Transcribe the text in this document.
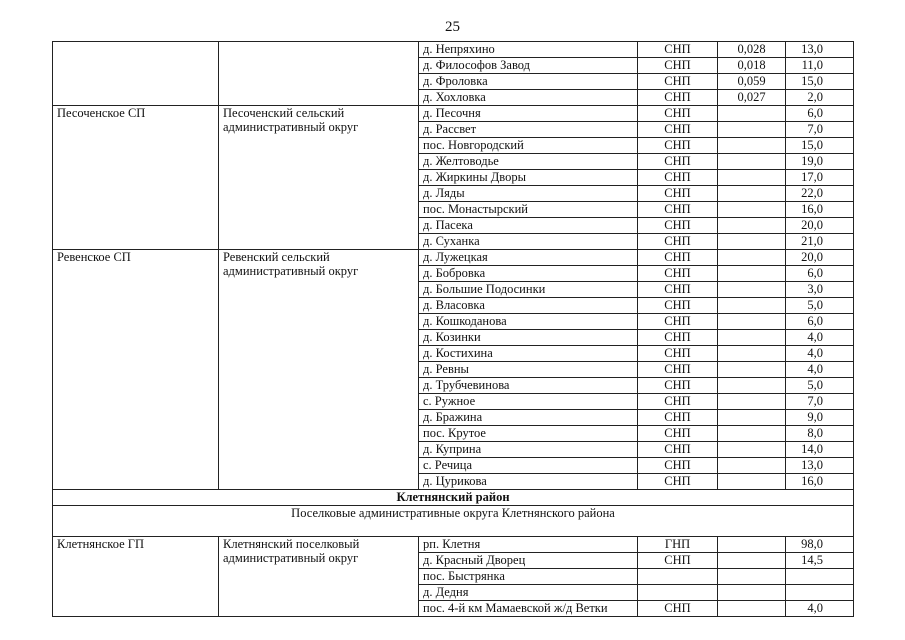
25
		д. Непряхино	СНП	0,028	13,0
		д. Философов Завод	СНП	0,018	11,0
		д. Фроловка	СНП	0,059	15,0
		д. Хохловка	СНП	0,027	2,0
Песоченское СП	Песоченский сельский административный округ	д. Песочня	СНП		6,0
		д. Рассвет	СНП		7,0
		пос. Новгородский	СНП		15,0
		д. Желтоводье	СНП		19,0
		д. Жиркины Дворы	СНП		17,0
		д. Ляды	СНП		22,0
		пос. Монастырский	СНП		16,0
		д. Пасека	СНП		20,0
		д. Суханка	СНП		21,0
Ревенское СП	Ревенский сельский административный округ	д. Лужецкая	СНП		20,0
		д. Бобровка	СНП		6,0
		д. Большие Подосинки	СНП		3,0
		д. Власовка	СНП		5,0
		д. Кошкоданова	СНП		6,0
		д. Козинки	СНП		4,0
		д. Костихина	СНП		4,0
		д. Ревны	СНП		4,0
		д. Трубчевинова	СНП		5,0
		с. Ружное	СНП		7,0
		д. Бражина	СНП		9,0
		пос. Крутое	СНП		8,0
		д. Куприна	СНП		14,0
		с. Речица	СНП		13,0
		д. Цурикова	СНП		16,0
Клетнянский район					
Поселковые административные округа Клетнянского района					
Клетнянское ГП	Клетнянский поселковый административный округ	рп. Клетня	ГНП		98,0
		д. Красный Дворец	СНП		14,5
		пос. Быстрянка			
		д. Дедня			
		пос. 4-й км Мамаевской ж/д Ветки	СНП		4,0
